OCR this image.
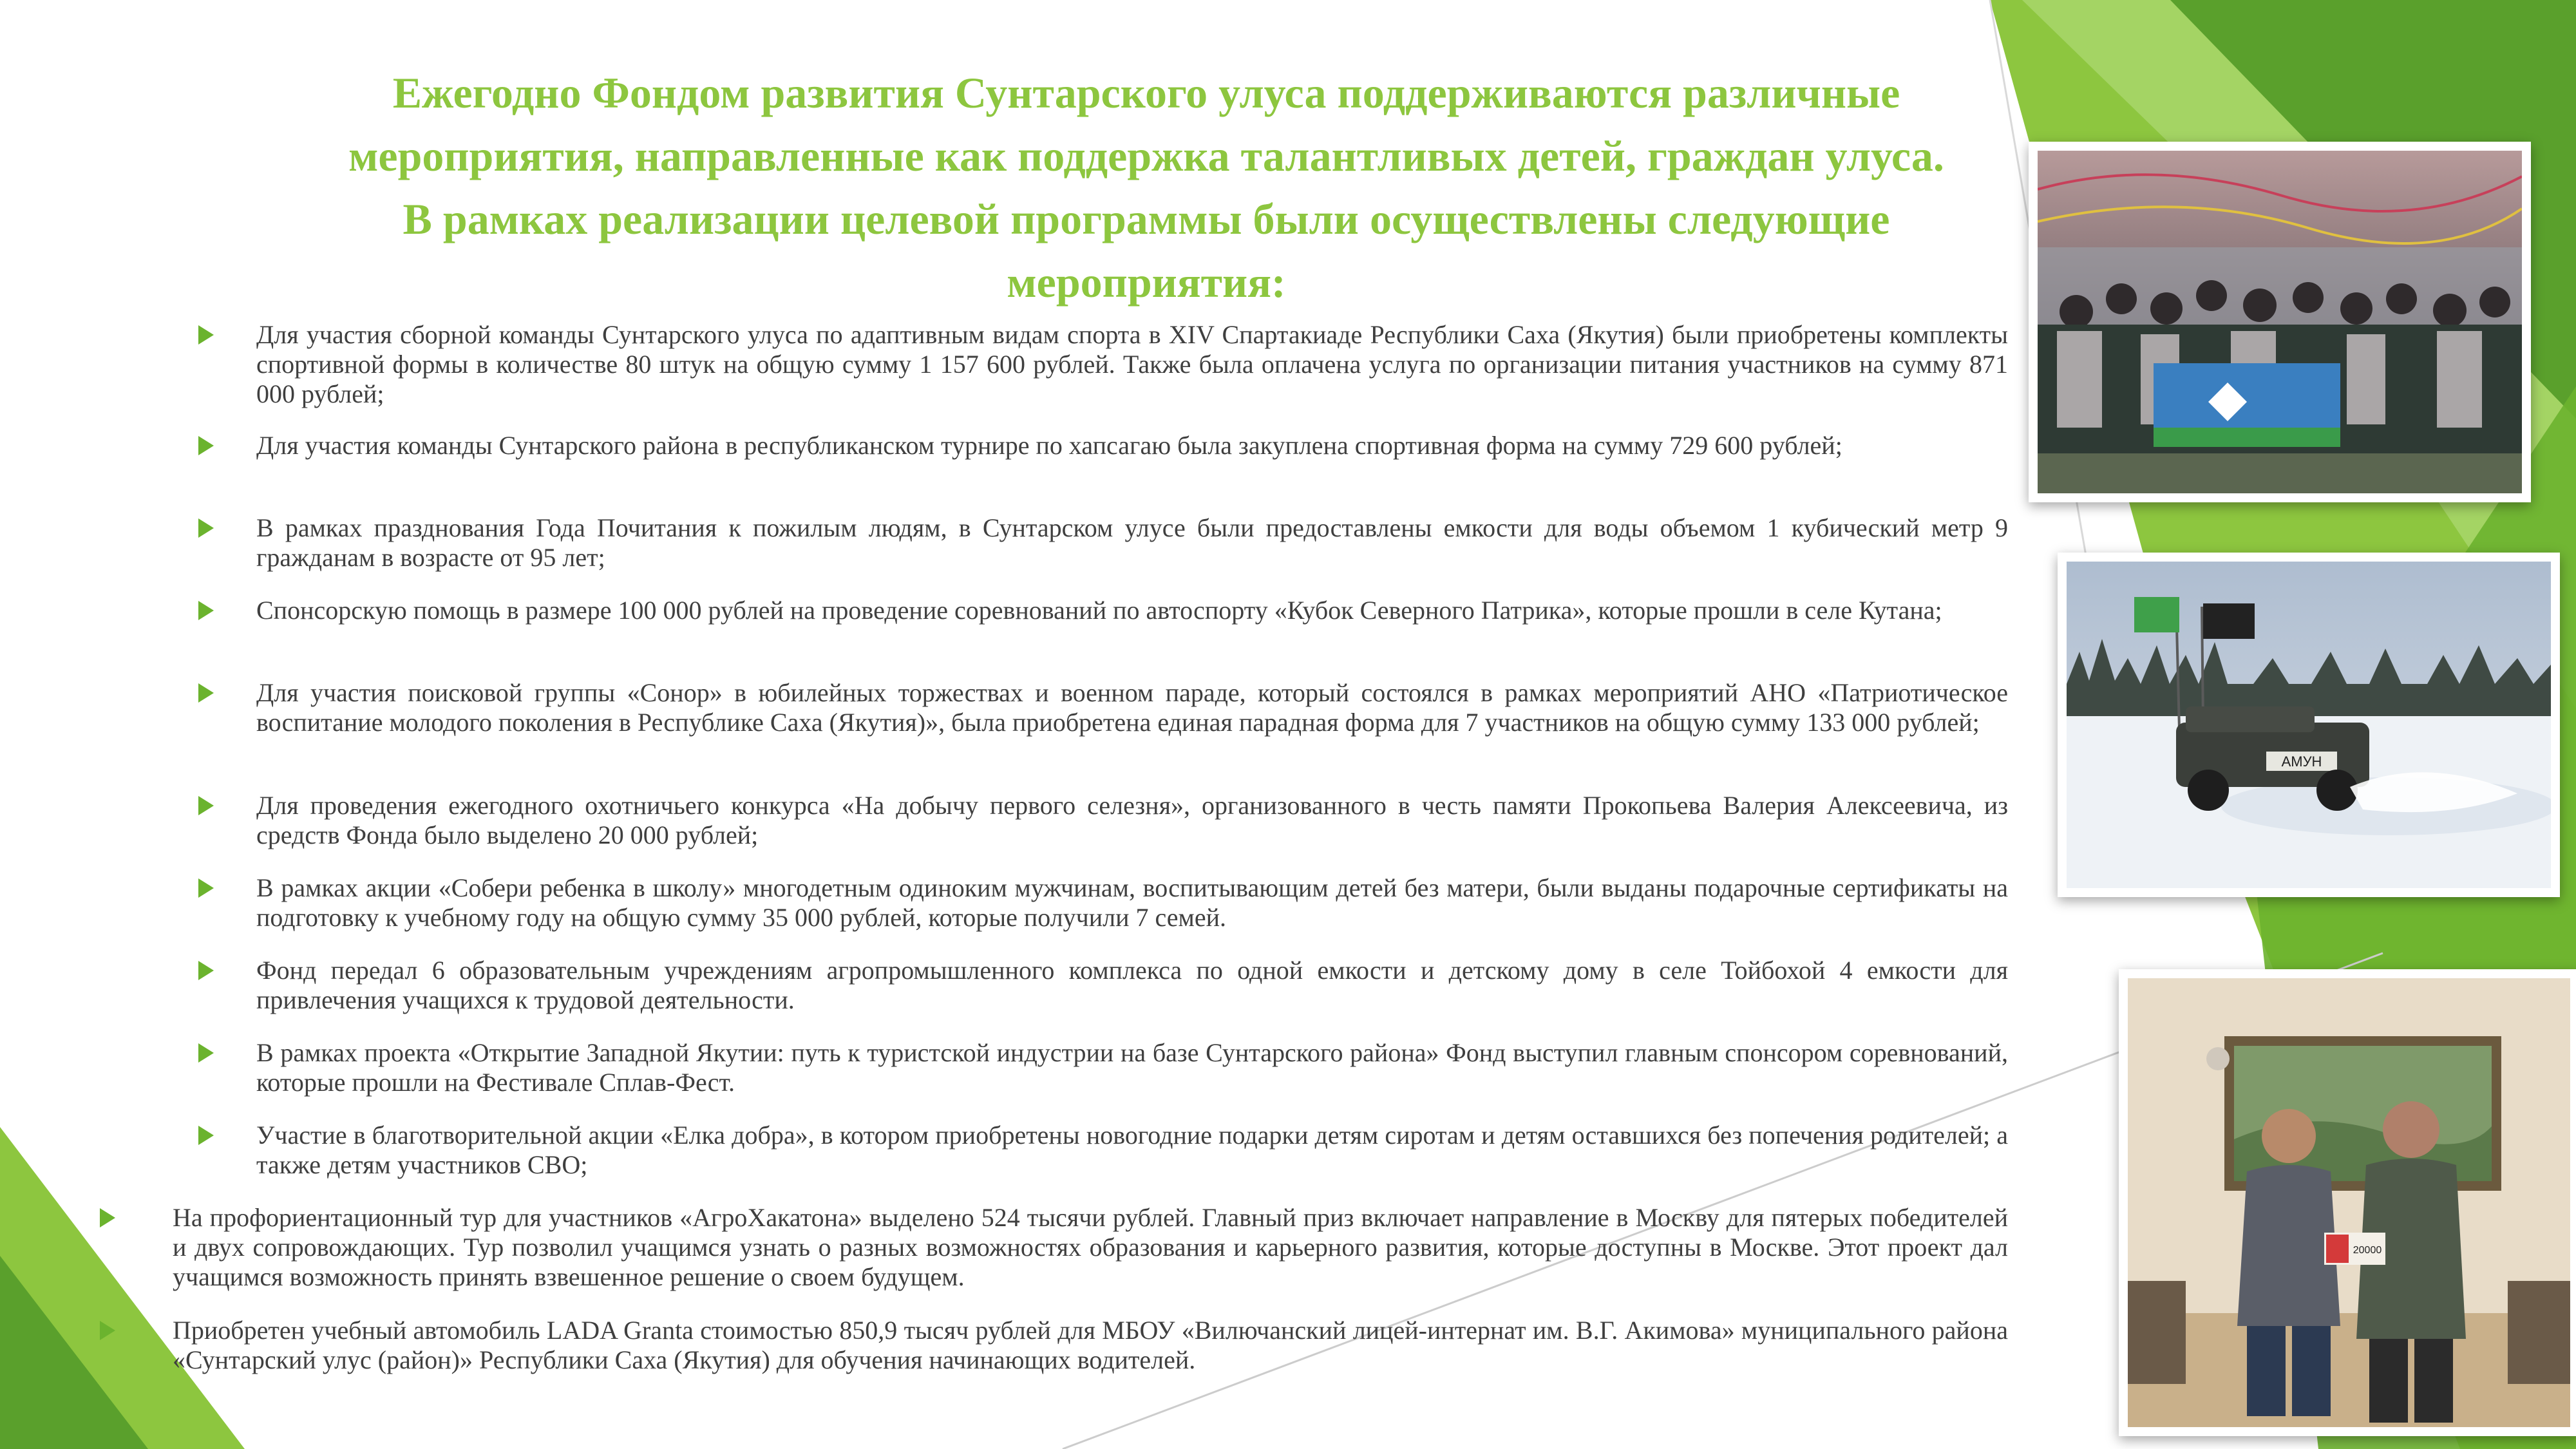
Ежегодно Фондом развития Сунтарского улуса поддерживаются различные
мероприятия, направленные как поддержка талантливых детей, граждан улуса.
В рамках реализации целевой программы были осуществлены следующие
мероприятия:
Для участия сборной команды Сунтарского улуса по адаптивным видам спорта в XIV Спартакиаде Республики Саха (Якутия) были приобретены комплекты спортивной формы в количестве 80 штук на общую сумму 1 157 600 рублей. Также была оплачена услуга по организации питания участников на сумму 871 000 рублей;
Для участия команды Сунтарского района в республиканском турнире по хапсагаю была закуплена спортивная форма на сумму 729 600 рублей;
В рамках празднования Года Почитания к пожилым людям, в Сунтарском улусе были предоставлены емкости для воды объемом 1 кубический метр 9 гражданам в возрасте от 95 лет;
Спонсорскую помощь в размере 100 000 рублей на проведение соревнований по автоспорту «Кубок Северного Патрика», которые прошли в селе Кутана;
Для участия поисковой группы «Сонор» в юбилейных торжествах и военном параде, который состоялся в рамках мероприятий АНО «Патриотическое воспитание молодого поколения в Республике Саха (Якутия)», была приобретена единая парадная форма для 7 участников на общую сумму 133 000 рублей;
Для проведения ежегодного охотничьего конкурса «На добычу первого селезня», организованного в честь памяти Прокопьева Валерия Алексеевича, из средств Фонда было выделено 20 000 рублей;
В рамках акции «Собери ребенка в школу» многодетным одиноким мужчинам, воспитывающим детей без матери, были выданы подарочные сертификаты на подготовку к учебному году на общую сумму 35 000 рублей, которые получили 7 семей.
Фонд передал 6 образовательным учреждениям агропромышленного комплекса по одной емкости и детскому дому в селе Тойбохой 4 емкости для привлечения учащихся к трудовой деятельности.
В рамках проекта «Открытие Западной Якутии: путь к туристской индустрии на базе Сунтарского района» Фонд выступил главным спонсором соревнований, которые прошли на Фестивале Сплав-Фест.
Участие в благотворительной акции «Елка добра», в котором приобретены новогодние подарки детям сиротам и детям оставшихся без попечения родителей; а также детям участников СВО;
На профориентационный тур для участников «АгроХакатона» выделено 524 тысячи рублей. Главный приз включает направление в Москву для пятерых победителей и двух сопровождающих. Тур позволил учащимся узнать о разных возможностях образования и карьерного развития, которые доступны в Москве. Этот проект дал учащимся возможность принять взвешенное решение о своем будущем.
Приобретен учебный автомобиль LADA Granta стоимостью 850,9 тысяч рублей для МБОУ «Вилючанский лицей-интернат им. В.Г. Акимова» муниципального района «Сунтарский улус (район)» Республики Саха (Якутия) для обучения начинающих водителей.
АМУН
20000
